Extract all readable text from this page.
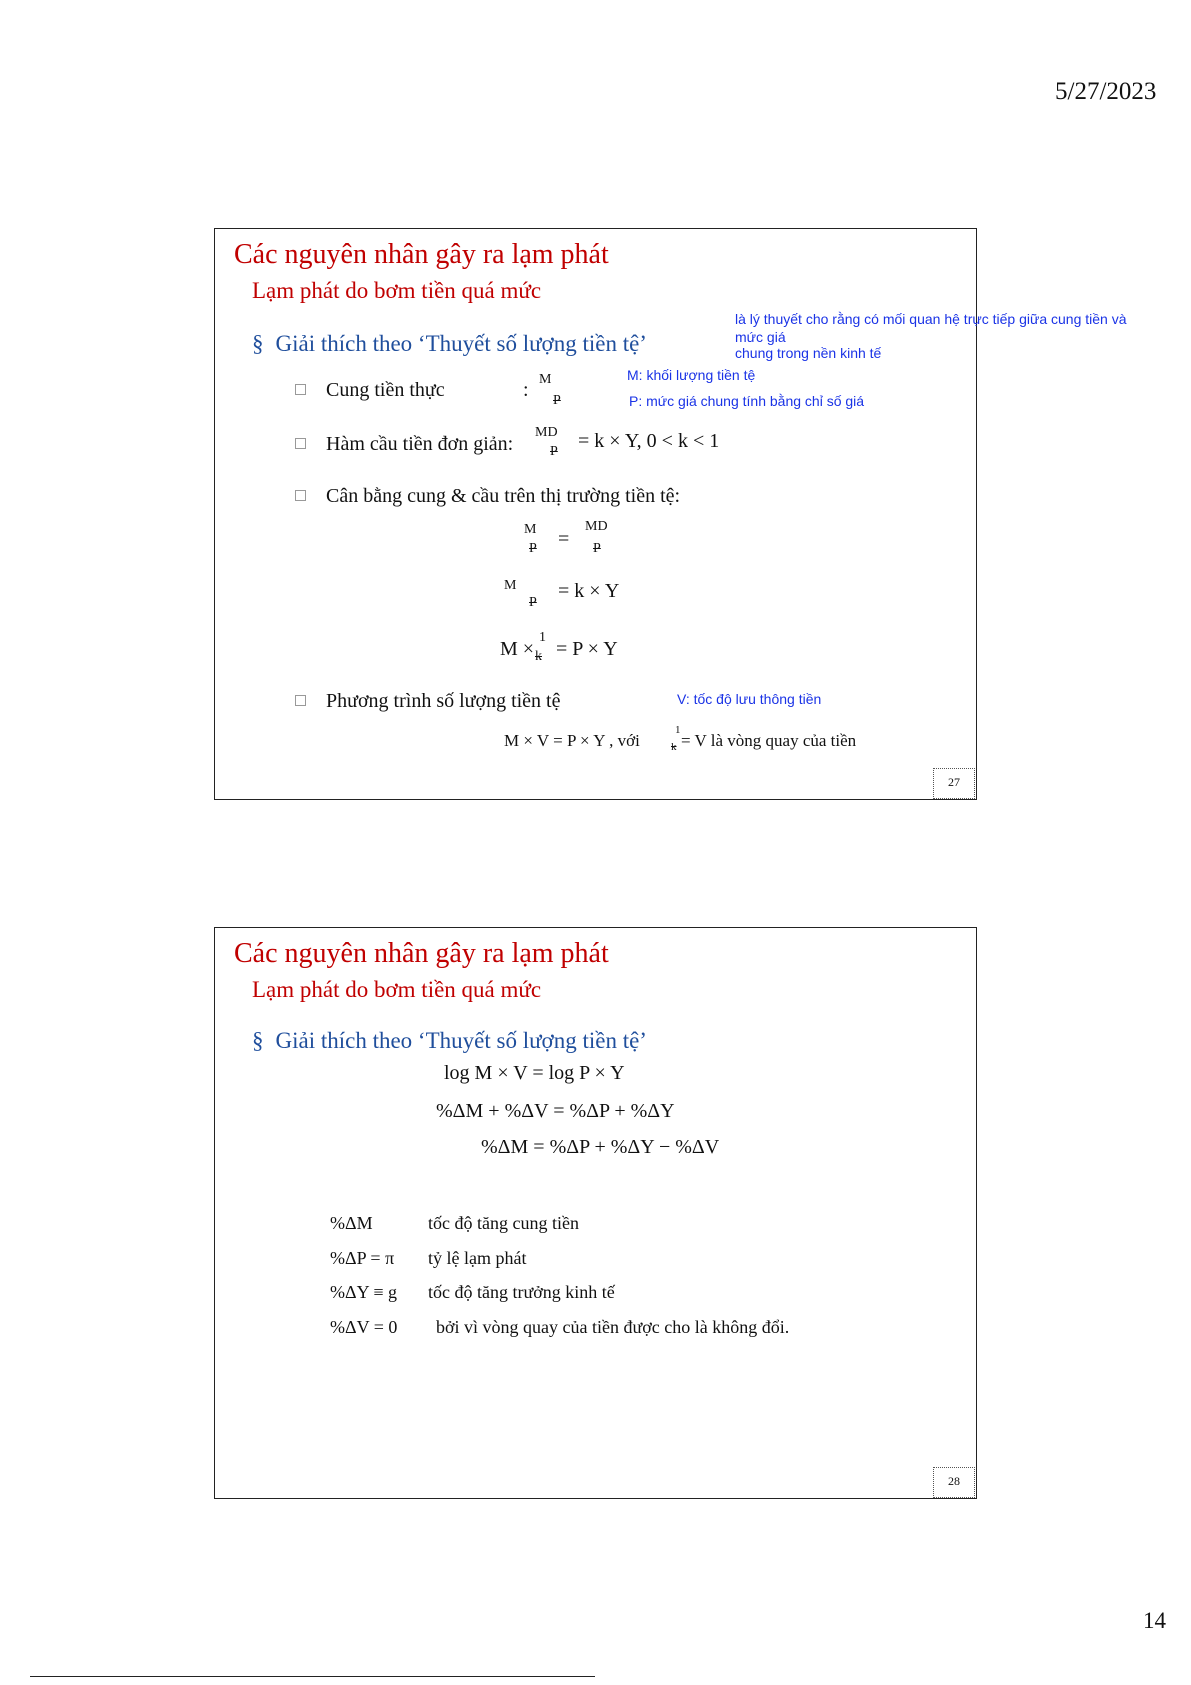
5/27/2023
Các nguyên nhân gây ra lạm phát
Lạm phát do bơm tiền quá mức
§ Giải thích theo ‘Thuyết số lượng tiền tệ’
Cung tiền thực	: M
P
Hàm cầu tiền đơn giản:
MD
P = k × Y, 0 < k < 1
Cân bằng cung & cầu trên thị trường tiền tệ:
M
P =
MD
P
M
P
= k × Y
M ×
1
k = P × Y
Phương trình số lượng tiền tệ
M × V = P × Y , với
1
k = V là vòng quay của tiền
là lý thuyết cho rằng có mối quan hệ trực tiếp giữa cung tiền và
mức giá
chung trong nền kinh tế
M: khối lượng tiền tệ
P: mức giá chung tính bằng chỉ số giá
V: tốc độ lưu thông tiền
27
Các nguyên nhân gây ra lạm phát
Lạm phát do bơm tiền quá mức
§ Giải thích theo ‘Thuyết số lượng tiền tệ’
log M × V = log P × Y
%ΔM + %ΔV = %ΔP + %ΔY
%ΔM = %ΔP + %ΔY − %ΔV
%ΔM	tốc độ tăng cung tiền
%ΔP = π tỷ lệ lạm phát
%ΔY ≡ g tốc độ tăng trưởng kinh tế
%ΔV = 0 bởi vì vòng quay của tiền được cho là không đổi.
28
14
